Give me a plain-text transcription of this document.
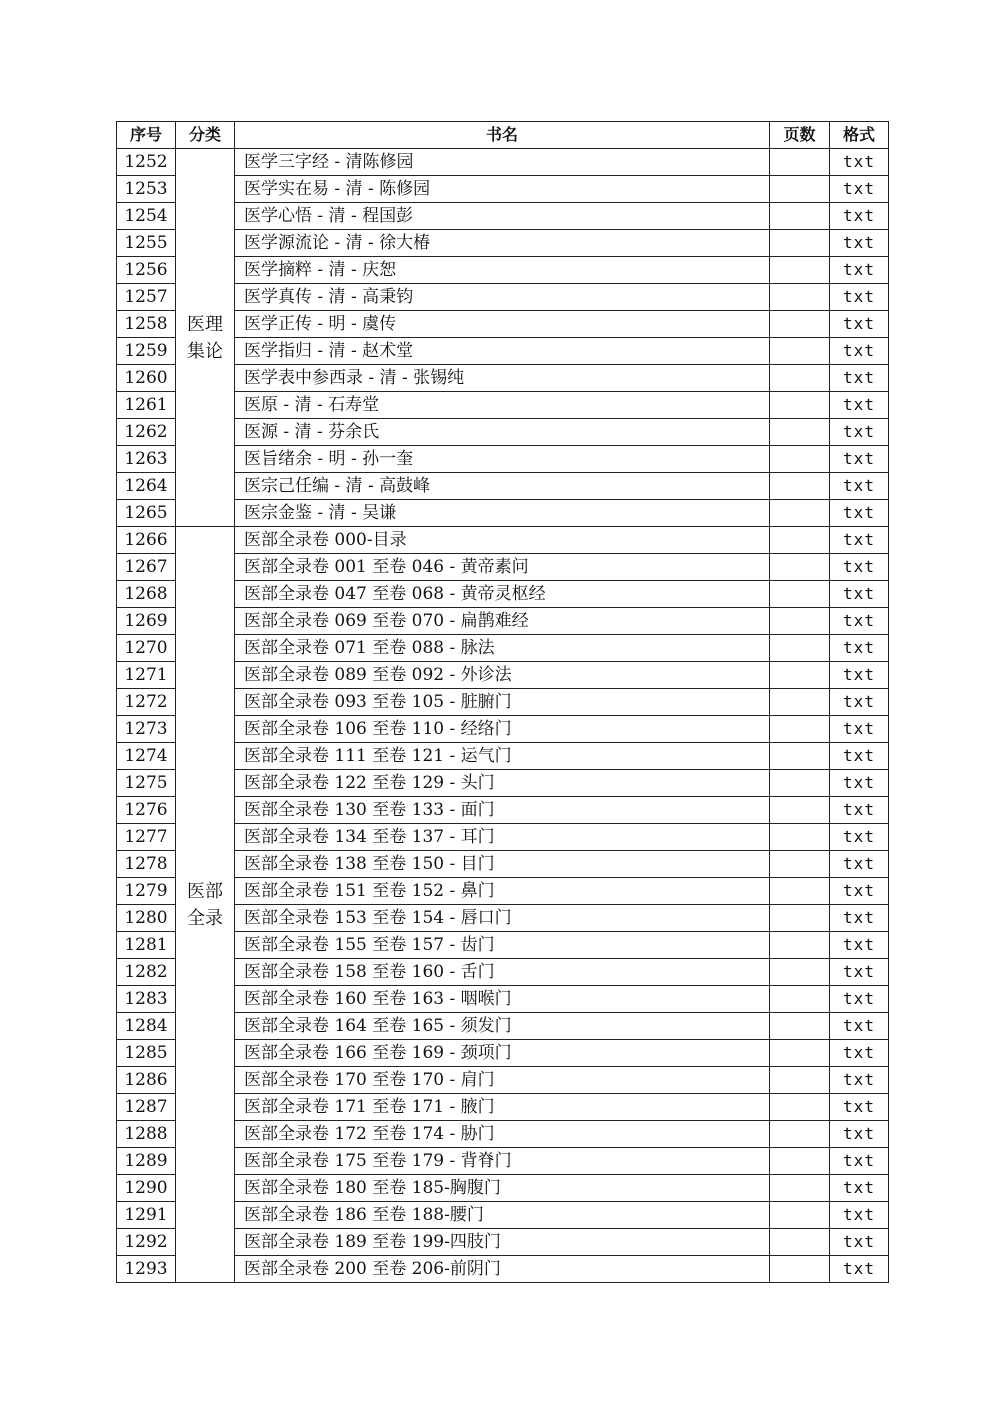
序号	分类	书名	页数	格式
1252	医理集论	医学三字经 - 清陈修园		txt
1253		医学实在易 - 清 - 陈修园		txt
1254		医学心悟 - 清 - 程国彭		txt
1255		医学源流论 - 清 - 徐大椿		txt
1256		医学摘粹 - 清 - 庆恕		txt
1257		医学真传 - 清 - 高秉钧		txt
1258		医学正传 - 明 - 虞传		txt
1259		医学指归 - 清 - 赵术堂		txt
1260		医学表中参西录 - 清 - 张锡纯		txt
1261		医原 - 清 - 石寿堂		txt
1262		医源 - 清 - 芬余氏		txt
1263		医旨绪余 - 明 - 孙一奎		txt
1264		医宗己任编 - 清 - 高鼓峰		txt
1265		医宗金鉴 - 清 - 吴谦		txt
1266	医部全录	医部全录卷 000-目录		txt
1267		医部全录卷 001 至卷 046 - 黄帝素问		txt
1268		医部全录卷 047 至卷 068 - 黄帝灵枢经		txt
1269		医部全录卷 069 至卷 070 - 扁鹊难经		txt
1270		医部全录卷 071 至卷 088 - 脉法		txt
1271		医部全录卷 089 至卷 092 - 外诊法		txt
1272		医部全录卷 093 至卷 105 - 脏腑门		txt
1273		医部全录卷 106 至卷 110 - 经络门		txt
1274		医部全录卷 111 至卷 121 - 运气门		txt
1275		医部全录卷 122 至卷 129 - 头门		txt
1276		医部全录卷 130 至卷 133 - 面门		txt
1277		医部全录卷 134 至卷 137 - 耳门		txt
1278		医部全录卷 138 至卷 150 - 目门		txt
1279		医部全录卷 151 至卷 152 - 鼻门		txt
1280		医部全录卷 153 至卷 154 - 唇口门		txt
1281		医部全录卷 155 至卷 157 - 齿门		txt
1282		医部全录卷 158 至卷 160 - 舌门		txt
1283		医部全录卷 160 至卷 163 - 咽喉门		txt
1284		医部全录卷 164 至卷 165 - 须发门		txt
1285		医部全录卷 166 至卷 169 - 颈项门		txt
1286		医部全录卷 170 至卷 170 - 肩门		txt
1287		医部全录卷 171 至卷 171 - 腋门		txt
1288		医部全录卷 172 至卷 174 - 胁门		txt
1289		医部全录卷 175 至卷 179 - 背脊门		txt
1290		医部全录卷 180 至卷 185-胸腹门		txt
1291		医部全录卷 186 至卷 188-腰门		txt
1292		医部全录卷 189 至卷 199-四肢门		txt
1293		医部全录卷 200 至卷 206-前阴门		txt
